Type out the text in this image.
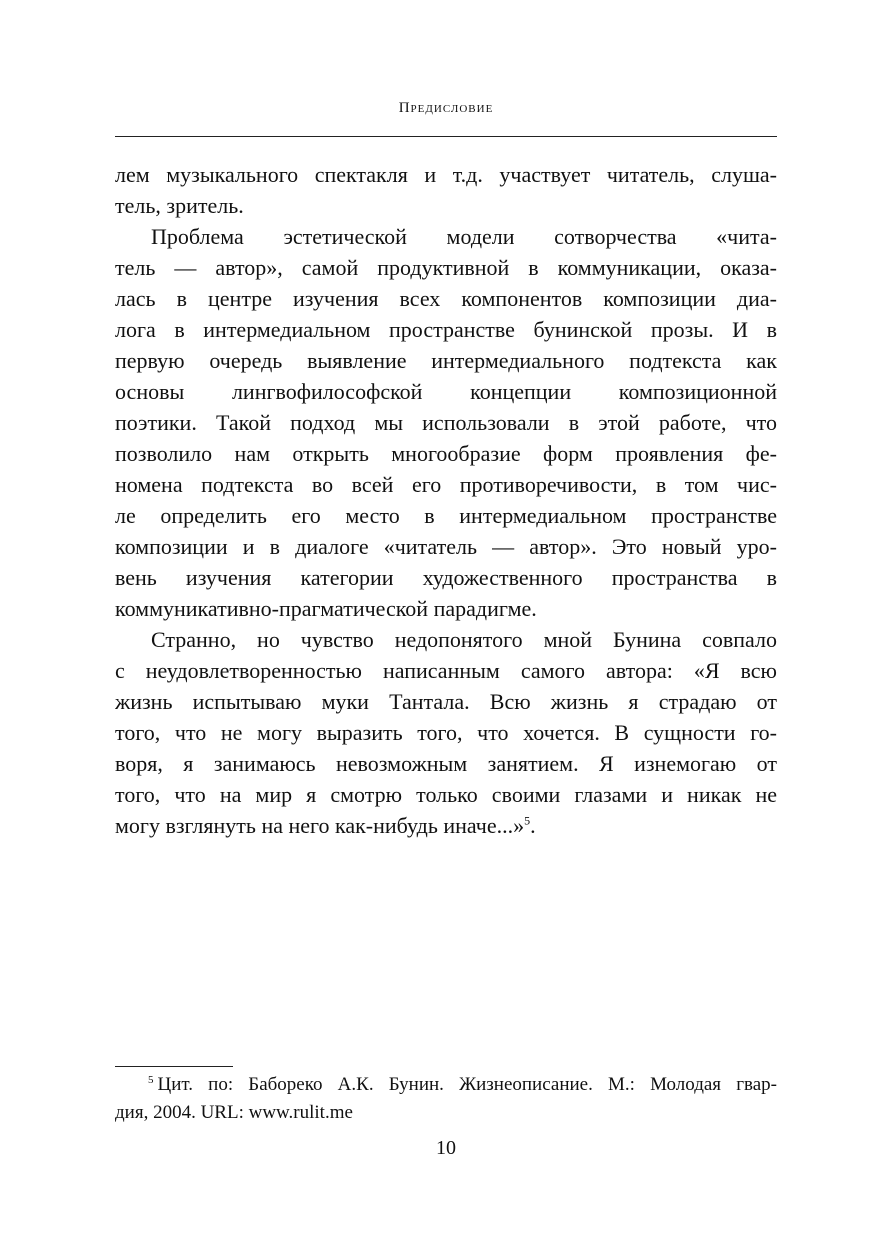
Предисловие
лем музыкального спектакля и т.д. участвует читатель, слуша-
тель, зритель.
Проблема эстетической модели сотворчества «чита-
тель — автор», самой продуктивной в коммуникации, оказа-
лась в центре изучения всех компонентов композиции диа-
лога в интермедиальном пространстве бунинской прозы. И в
первую очередь выявление интермедиального подтекста как
основы лингвофилософской концепции композиционной
поэтики. Такой подход мы использовали в этой работе, что
позволило нам открыть многообразие форм проявления фе-
номена подтекста во всей его противоречивости, в том чис-
ле определить его место в интермедиальном пространстве
композиции и в диалоге «читатель — автор». Это новый уро-
вень изучения категории художественного пространства в
коммуникативно-прагматической парадигме.
Странно, но чувство недопонятого мной Бунина совпало
с неудовлетворенностью написанным самого автора: «Я всю
жизнь испытываю муки Тантала. Всю жизнь я страдаю от
того, что не могу выразить того, что хочется. В сущности го-
воря, я занимаюсь невозможным занятием. Я изнемогаю от
того, что на мир я смотрю только своими глазами и никак не
могу взглянуть на него как-нибудь иначе...»$^5$.
$^5$ Цит. по: Бабореко А.К. Бунин. Жизнеописание. М.: Молодая гвар-
дия, 2004. URL: www.rulit.me
10
